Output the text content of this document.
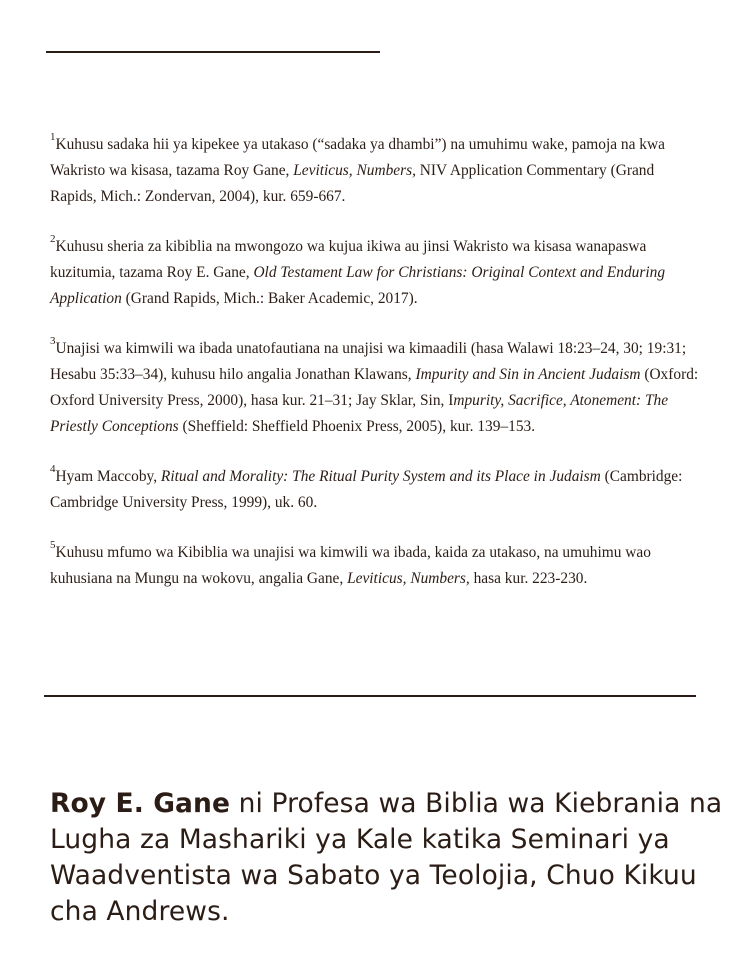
$^1$Kuhusu sadaka hii ya kipekee ya utakaso (“sadaka ya dhambi”) na umuhimu wake, pamoja na kwa Wakristo wa kisasa, tazama Roy Gane, Leviticus, Numbers, NIV Application Commentary (Grand Rapids, Mich.: Zondervan, 2004), kur. 659-667.

$^2$Kuhusu sheria za kibiblia na mwongozo wa kujua ikiwa au jinsi Wakristo wa kisasa wanapaswa kuzitumia, tazama Roy E. Gane, Old Testament Law for Christians: Original Context and Enduring Application (Grand Rapids, Mich.: Baker Academic, 2017).

$^3$Unajisi wa kimwili wa ibada unatofautiana na unajisi wa kimaadili (hasa Walawi 18:23–24, 30; 19:31; Hesabu 35:33–34), kuhusu hilo angalia Jonathan Klawans, Impurity and Sin in Ancient Judaism (Oxford: Oxford University Press, 2000), hasa kur. 21–31; Jay Sklar, Sin, Impurity, Sacrifice, Atonement: The Priestly Conceptions (Sheffield: Sheffield Phoenix Press, 2005), kur. 139–153.

$^4$Hyam Maccoby, Ritual and Morality: The Ritual Purity System and its Place in Judaism (Cambridge: Cambridge University Press, 1999), uk. 60.

$^5$Kuhusu mfumo wa Kibiblia wa unajisi wa kimwili wa ibada, kaida za utakaso, na umuhimu wao kuhusiana na Mungu na wokovu, angalia Gane, Leviticus, Numbers, hasa kur. 223-230.

Roy E. Gane ni Profesa wa Biblia wa Kiebrania na Lugha za Mashariki ya Kale katika Seminari ya Waadventista wa Sabato ya Teolojia, Chuo Kikuu cha Andrews.
